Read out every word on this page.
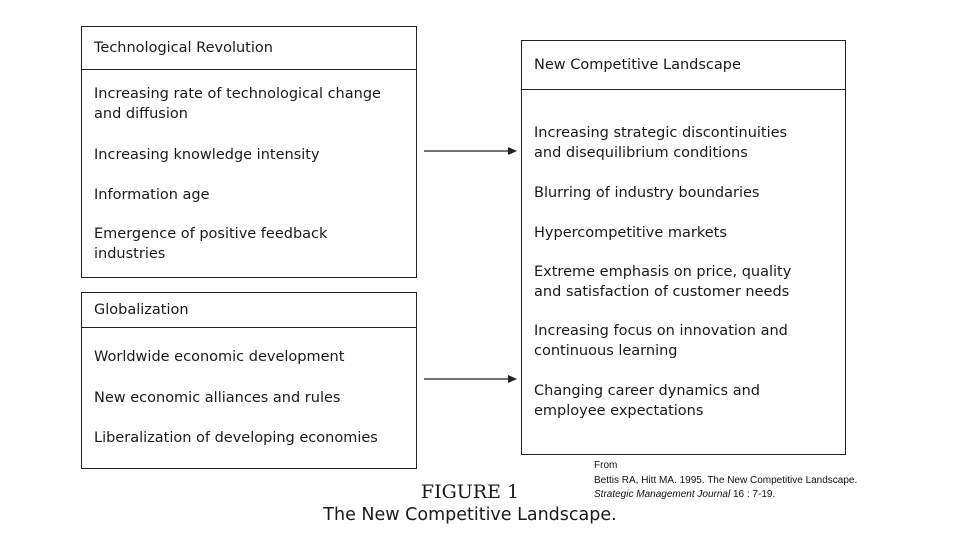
Technological Revolution
Increasing rate of technological change
and diffusion
Increasing knowledge intensity
Information age
Emergence of positive feedback
industries
Globalization
Worldwide economic development
New economic alliances and rules
Liberalization of developing economies
New Competitive Landscape
Increasing strategic discontinuities
and disequilibrium conditions
Blurring of industry boundaries
Hypercompetitive markets
Extreme emphasis on price, quality
and satisfaction of customer needs
Increasing focus on innovation and
continuous learning
Changing career dynamics and
employee expectations
FIGURE 1
The New Competitive Landscape.
From
Bettis RA, Hitt MA. 1995. The New Competitive Landscape.
Strategic Management Journal 16 : 7-19.
